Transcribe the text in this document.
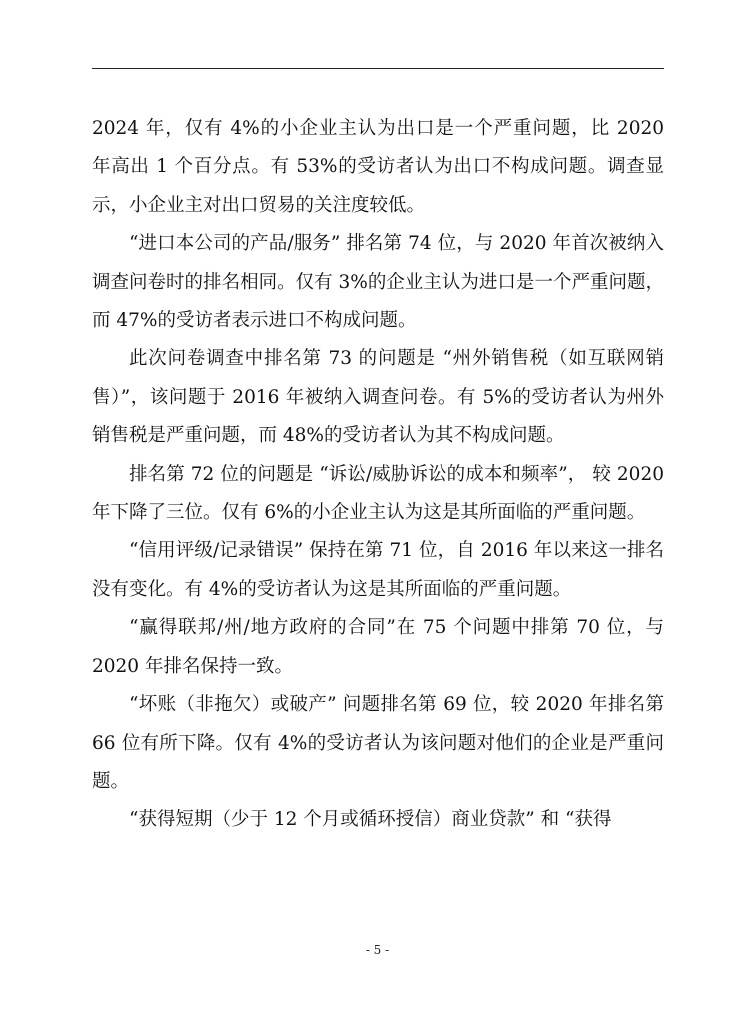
2024 年，仅有 4%的小企业主认为出口是一个严重问题，比 2020 年高出 1 个百分点。有 53%的受访者认为出口不构成问题。调查显示，小企业主对出口贸易的关注度较低。

“进口本公司的产品/服务” 排名第 74 位，与 2020 年首次被纳入调查问卷时的排名相同。仅有 3%的企业主认为进口是一个严重问题，而 47%的受访者表示进口不构成问题。

此次问卷调查中排名第 73 的问题是 “州外销售税（如互联网销售）”，该问题于 2016 年被纳入调查问卷。有 5%的受访者认为州外销售税是严重问题，而 48%的受访者认为其不构成问题。

排名第 72 位的问题是 “诉讼/威胁诉讼的成本和频率”， 较 2020 年下降了三位。仅有 6%的小企业主认为这是其所面临的严重问题。

“信用评级/记录错误” 保持在第 71 位，自 2016 年以来这一排名没有变化。有 4%的受访者认为这是其所面临的严重问题。

“赢得联邦/州/地方政府的合同”在 75 个问题中排第 70 位，与 2020 年排名保持一致。

“坏账（非拖欠）或破产” 问题排名第 69 位，较 2020 年排名第 66 位有所下降。仅有 4%的受访者认为该问题对他们的企业是严重问题。

“获得短期（少于 12 个月或循环授信）商业贷款” 和 “获得

- 5 -
